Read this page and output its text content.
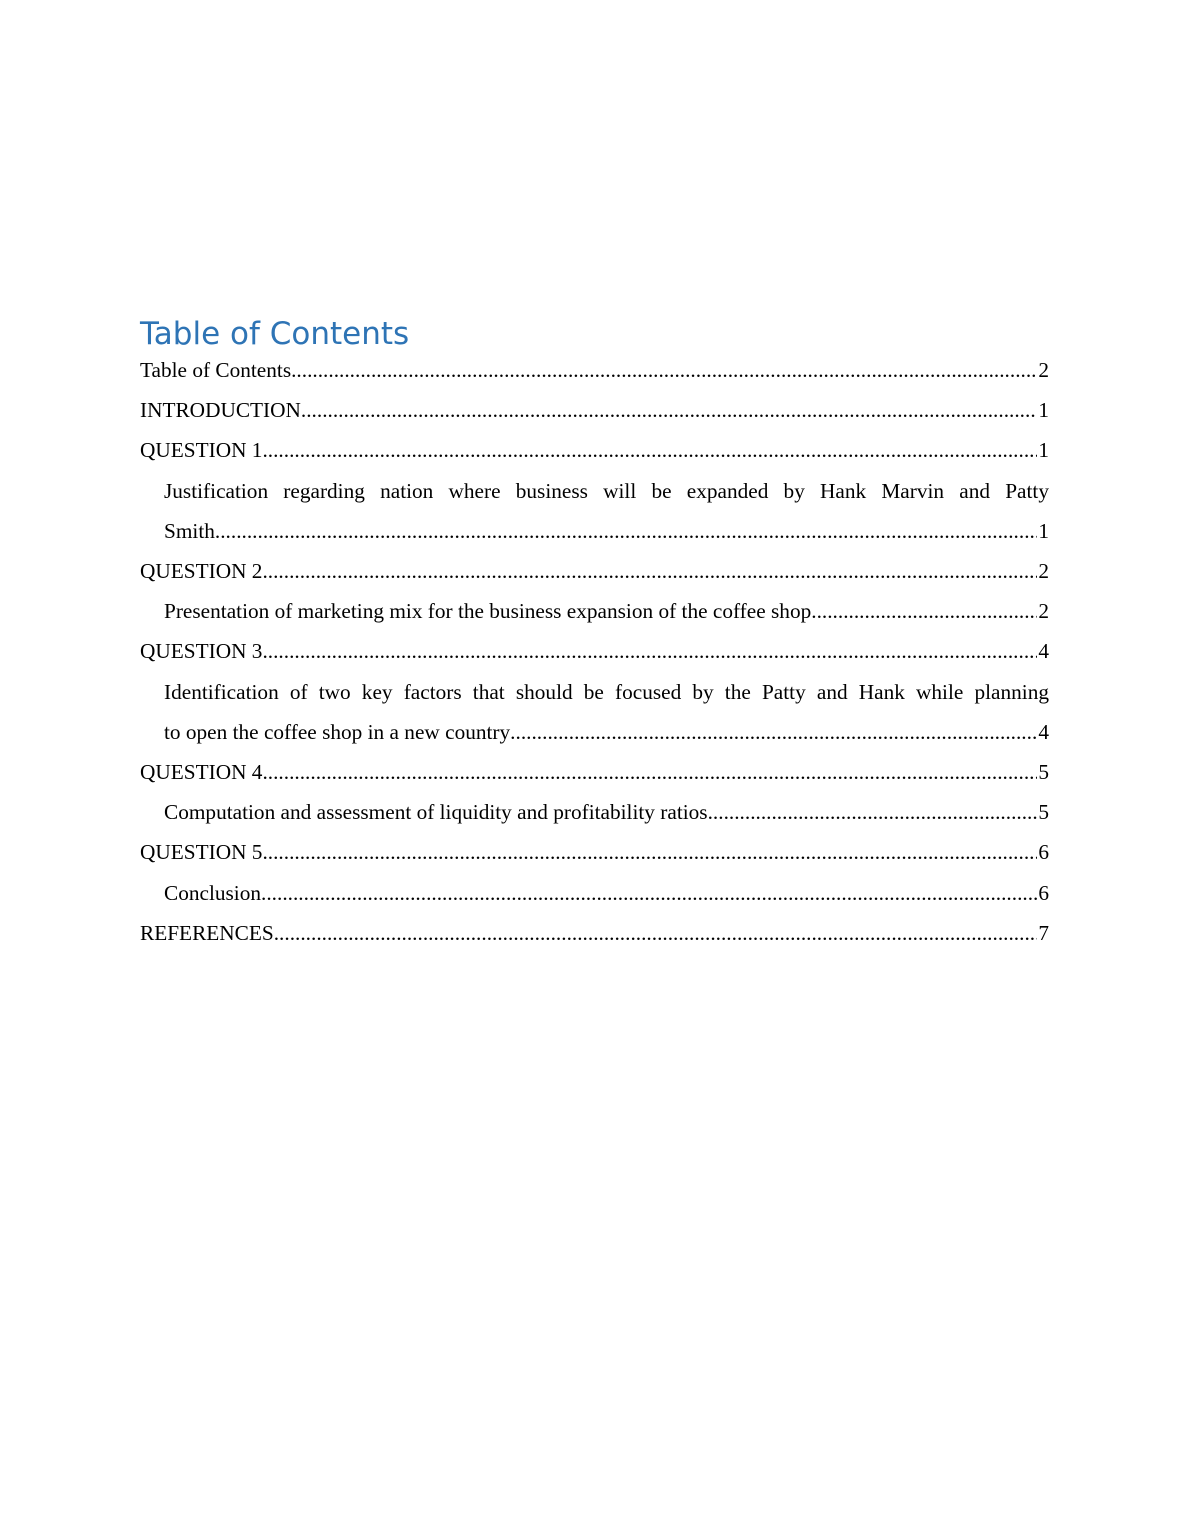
Table of Contents
Table of Contents .....	2
INTRODUCTION .....	1
QUESTION 1 .....	1
Justification regarding nation where business will be expanded by Hank Marvin and Patty
Smith .....	1
QUESTION 2 .....	2
Presentation of marketing mix for the business expansion of the coffee shop .....	2
QUESTION 3 .....	4
Identification of two key factors that should be focused by the Patty and Hank while planning
to open the coffee shop in a new country .....	4
QUESTION 4 .....	5
Computation and assessment of liquidity and profitability ratios .....	5
QUESTION 5 .....	6
Conclusion .....	6
REFERENCES .....	7
